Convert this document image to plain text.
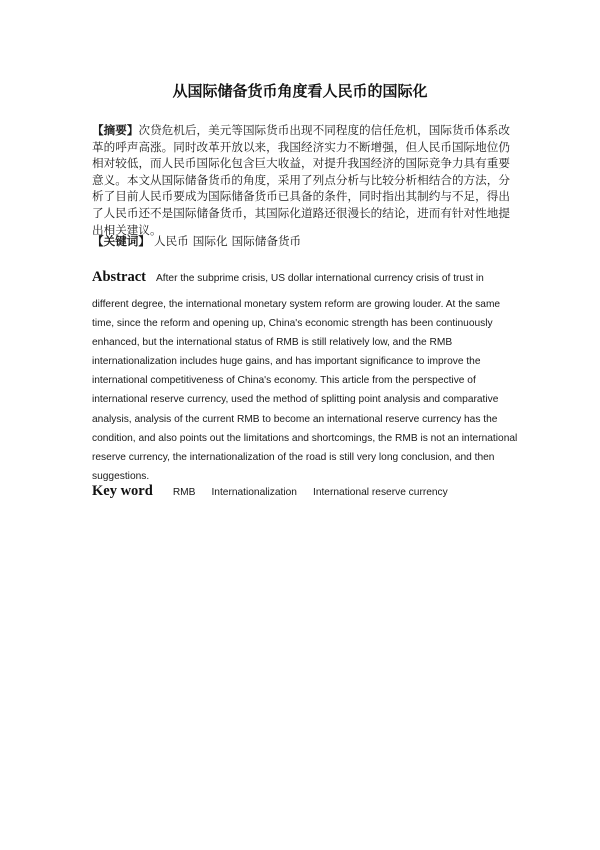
从国际储备货币角度看人民币的国际化

【摘要】次贷危机后，美元等国际货币出现不同程度的信任危机，国际货币体系改革的呼声高涨。同时改革开放以来，我国经济实力不断增强，但人民币国际地位仍相对较低，而人民币国际化包含巨大收益，对提升我国经济的国际竞争力具有重要意义。本文从国际储备货币的角度，采用了列点分析与比较分析相结合的方法，分析了目前人民币要成为国际储备货币已具备的条件，同时指出其制约与不足，得出了人民币还不是国际储备货币，其国际化道路还很漫长的结论，进而有针对性地提出相关建议。

【关键词】 人民币 国际化 国际储备货币

Abstract After the subprime crisis, US dollar international currency crisis of trust in

different degree, the international monetary system reform are growing louder. At the same time, since the reform and opening up, China's economic strength has been continuously enhanced, but the international status of RMB is still relatively low, and the RMB internationalization includes huge gains, and has important significance to improve the international competitiveness of China's economy. This article from the perspective of international reserve currency, used the method of splitting point analysis and comparative analysis, analysis of the current RMB to become an international reserve currency has the condition, and also points out the limitations and shortcomings, the RMB is not an international reserve currency, the internationalization of the road is still very long conclusion, and then suggestions.

Key word RMB Internationalization International reserve currency
